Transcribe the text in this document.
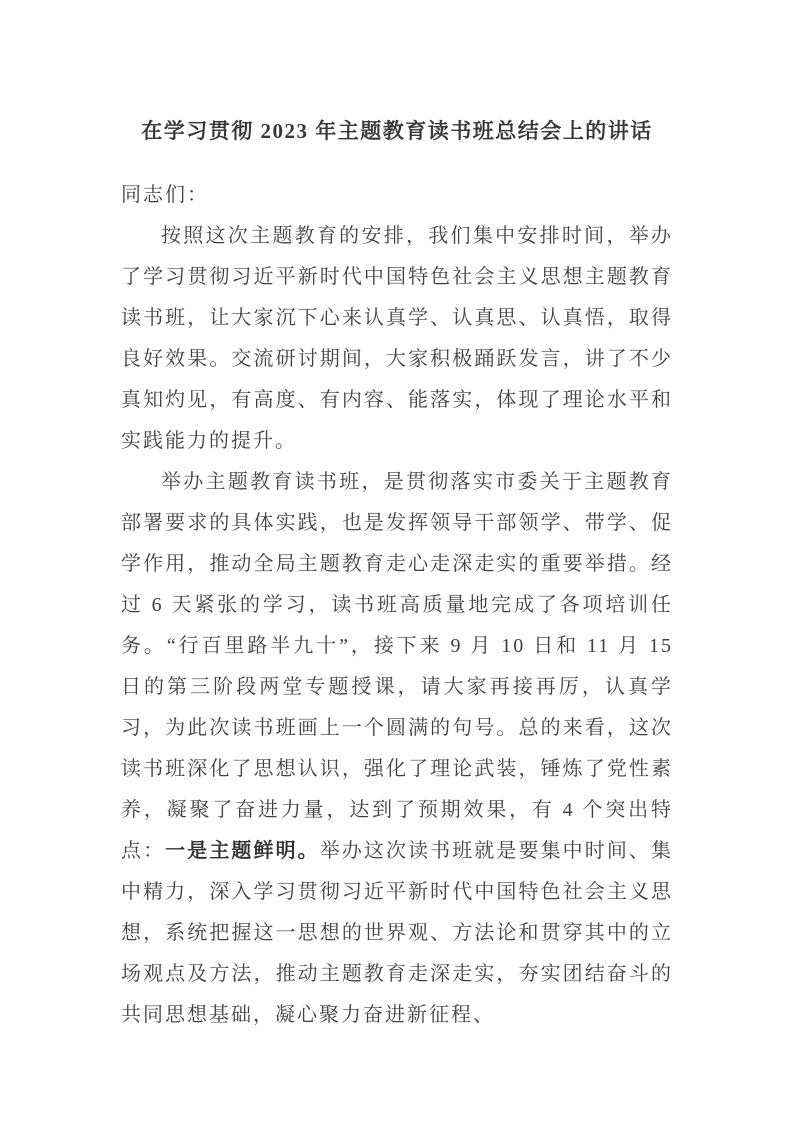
在学习贯彻 2023 年主题教育读书班总结会上的讲话

同志们：

按照这次主题教育的安排，我们集中安排时间，举办了学习贯彻习近平新时代中国特色社会主义思想主题教育读书班，让大家沉下心来认真学、认真思、认真悟，取得良好效果。交流研讨期间，大家积极踊跃发言，讲了不少真知灼见，有高度、有内容、能落实，体现了理论水平和实践能力的提升。

举办主题教育读书班，是贯彻落实市委关于主题教育部署要求的具体实践，也是发挥领导干部领学、带学、促学作用，推动全局主题教育走心走深走实的重要举措。经过 6 天紧张的学习，读书班高质量地完成了各项培训任务。“行百里路半九十”，接下来 9 月 10 日和 11 月 15 日的第三阶段两堂专题授课，请大家再接再厉，认真学习，为此次读书班画上一个圆满的句号。总的来看，这次读书班深化了思想认识，强化了理论武装，锤炼了党性素养，凝聚了奋进力量，达到了预期效果，有 4 个突出特点：一是主题鲜明。举办这次读书班就是要集中时间、集中精力，深入学习贯彻习近平新时代中国特色社会主义思想，系统把握这一思想的世界观、方法论和贯穿其中的立场观点及方法，推动主题教育走深走实，夯实团结奋斗的共同思想基础，凝心聚力奋进新征程、
